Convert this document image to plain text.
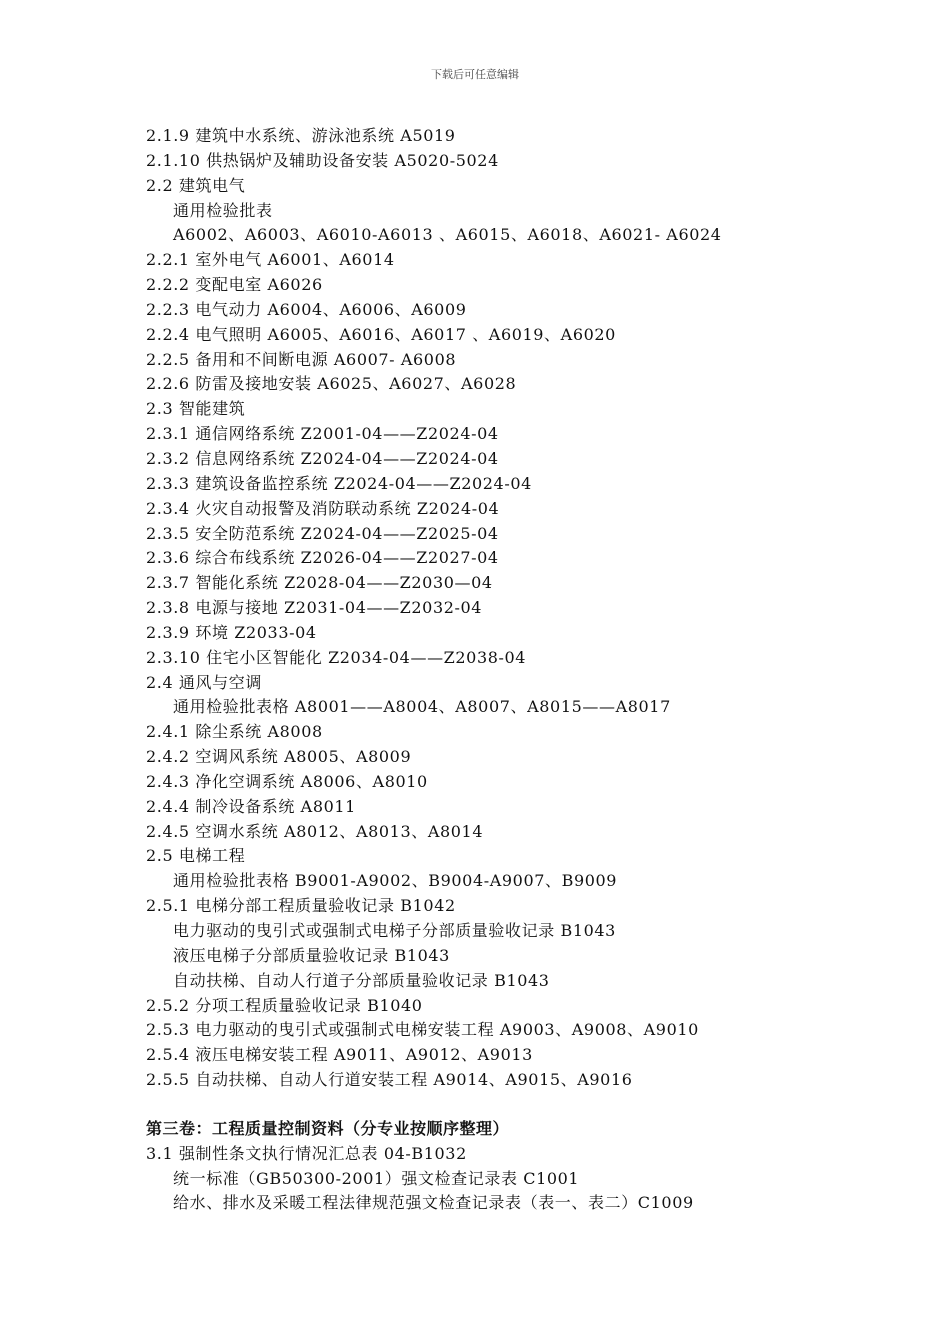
下载后可任意编辑
2.1.9 建筑中水系统、游泳池系统 A5019
2.1.10 供热锅炉及辅助设备安装 A5020-5024
2.2 建筑电气
通用检验批表
A6002、A6003、A6010-A6013 、A6015、A6018、A6021- A6024
2.2.1 室外电气 A6001、A6014
2.2.2 变配电室 A6026
2.2.3 电气动力 A6004、A6006、A6009
2.2.4 电气照明 A6005、A6016、A6017 、A6019、A6020
2.2.5 备用和不间断电源 A6007- A6008
2.2.6 防雷及接地安装 A6025、A6027、A6028
2.3 智能建筑
2.3.1 通信网络系统 Z2001-04——Z2024-04
2.3.2 信息网络系统 Z2024-04——Z2024-04
2.3.3 建筑设备监控系统 Z2024-04——Z2024-04
2.3.4 火灾自动报警及消防联动系统 Z2024-04
2.3.5 安全防范系统 Z2024-04——Z2025-04
2.3.6 综合布线系统 Z2026-04——Z2027-04
2.3.7 智能化系统 Z2028-04——Z2030—04
2.3.8 电源与接地 Z2031-04——Z2032-04
2.3.9 环境 Z2033-04
2.3.10 住宅小区智能化 Z2034-04——Z2038-04
2.4 通风与空调
通用检验批表格 A8001——A8004、A8007、A8015——A8017
2.4.1 除尘系统 A8008
2.4.2 空调风系统 A8005、A8009
2.4.3 净化空调系统 A8006、A8010
2.4.4 制冷设备系统 A8011
2.4.5 空调水系统 A8012、A8013、A8014
2.5 电梯工程
通用检验批表格 B9001-A9002、B9004-A9007、B9009
2.5.1 电梯分部工程质量验收记录 B1042
电力驱动的曳引式或强制式电梯子分部质量验收记录 B1043
液压电梯子分部质量验收记录 B1043
自动扶梯、自动人行道子分部质量验收记录 B1043
2.5.2 分项工程质量验收记录 B1040
2.5.3 电力驱动的曳引式或强制式电梯安装工程 A9003、A9008、A9010
2.5.4 液压电梯安装工程 A9011、A9012、A9013
2.5.5 自动扶梯、自动人行道安装工程 A9014、A9015、A9016
第三卷：工程质量控制资料（分专业按顺序整理）
3.1 强制性条文执行情况汇总表 04-B1032
统一标准（GB50300-2001）强文检查记录表 C1001
给水、排水及采暖工程法律规范强文检查记录表（表一、表二）C1009
